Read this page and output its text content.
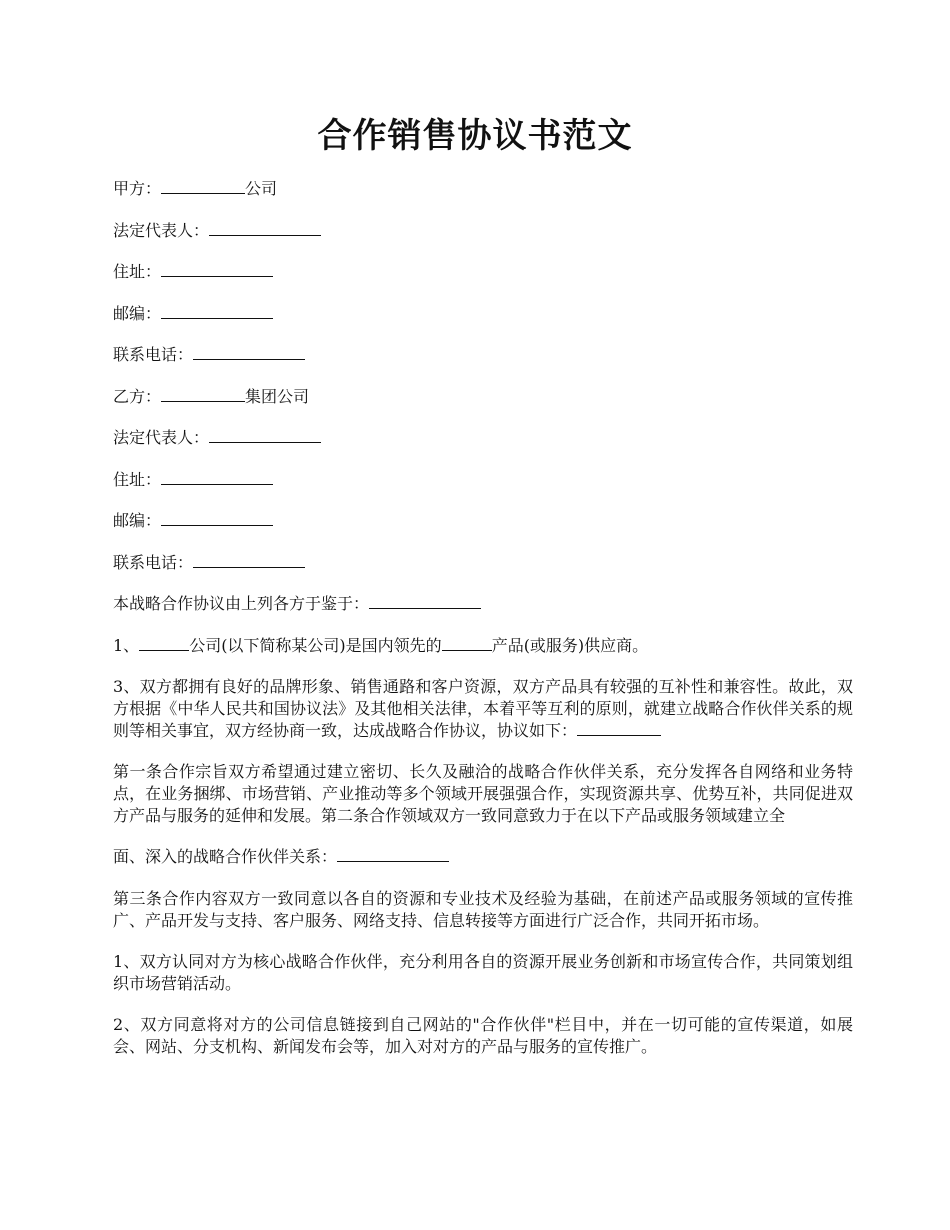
合作销售协议书范文
甲方：	公司
法定代表人：
住址：
邮编：
联系电话：
乙方：	集团公司
法定代表人：
住址：
邮编：
联系电话：
本战略合作协议由上列各方于鉴于：
1、	公司(以下简称某公司)是国内领先的	产品(或服务)供应商。

3、双方都拥有良好的品牌形象、销售通路和客户资源，双方产品具有较强的互补性和兼容性。故此，双方根据《中华人民共和国协议法》及其他相关法律，本着平等互利的原则，就建立战略合作伙伴关系的规则等相关事宜，双方经协商一致，达成战略合作协议，协议如下：

第一条合作宗旨双方希望通过建立密切、长久及融洽的战略合作伙伴关系，充分发挥各自网络和业务特点，在业务捆绑、市场营销、产业推动等多个领域开展强强合作，实现资源共享、优势互补，共同促进双方产品与服务的延伸和发展。第二条合作领域双方一致同意致力于在以下产品或服务领域建立全

面、深入的战略合作伙伴关系：

第三条合作内容双方一致同意以各自的资源和专业技术及经验为基础，在前述产品或服务领域的宣传推广、产品开发与支持、客户服务、网络支持、信息转接等方面进行广泛合作，共同开拓市场。

1、双方认同对方为核心战略合作伙伴，充分利用各自的资源开展业务创新和市场宣传合作，共同策划组织市场营销活动。

2、双方同意将对方的公司信息链接到自己网站的"合作伙伴"栏目中，并在一切可能的宣传渠道，如展会、网站、分支机构、新闻发布会等，加入对对方的产品与服务的宣传推广。
